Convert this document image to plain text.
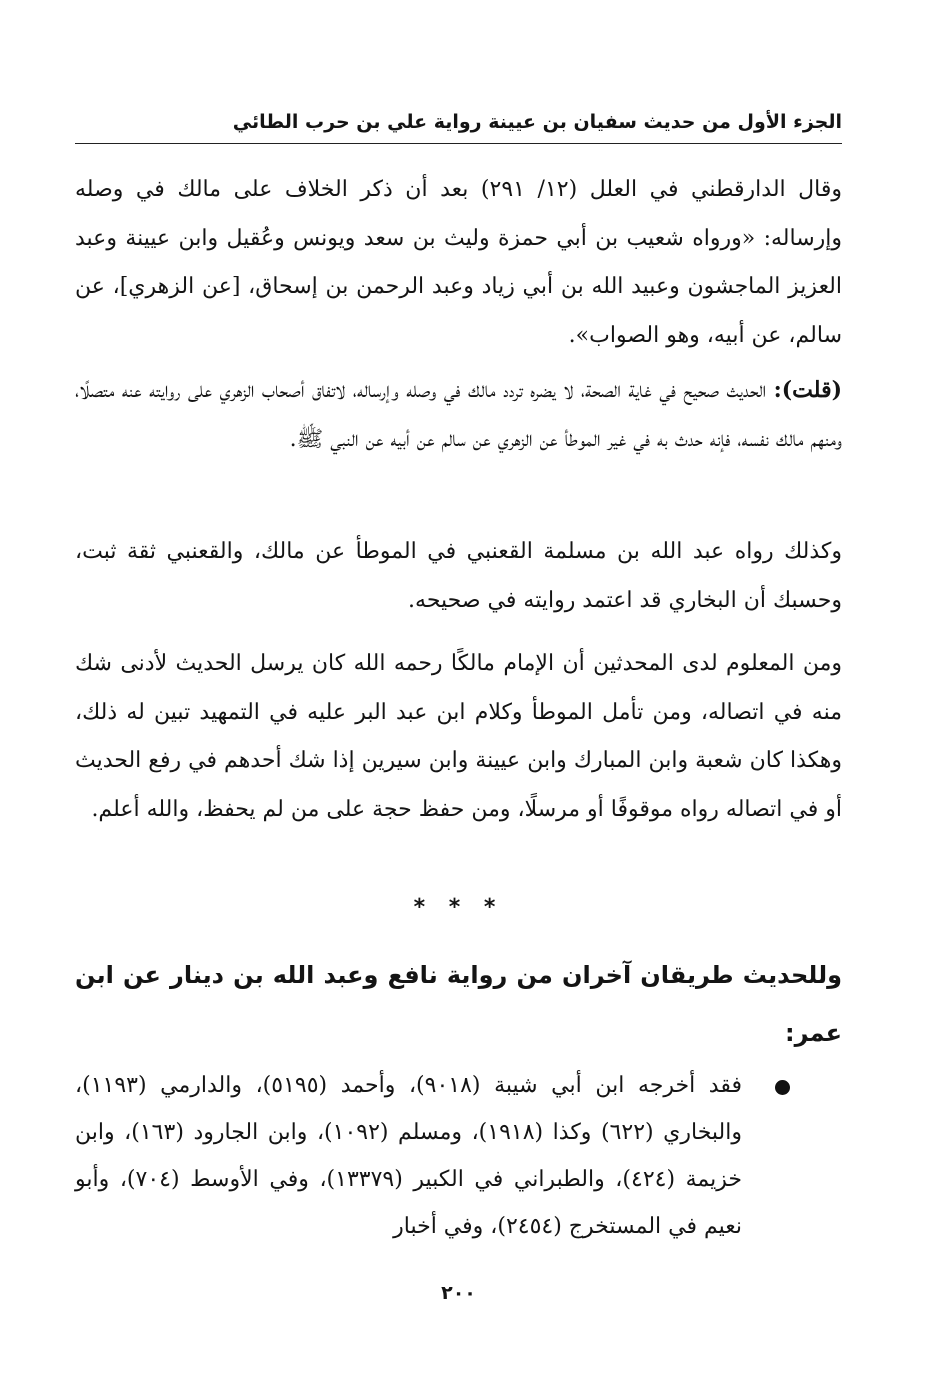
الجزء الأول من حديث سفيان بن عيينة رواية علي بن حرب الطائي

وقال الدارقطني في العلل (١٢/ ٢٩١) بعد أن ذكر الخلاف على مالك في وصله وإرساله: «ورواه شعيب بن أبي حمزة وليث بن سعد ويونس وعُقيل وابن عيينة وعبد العزيز الماجشون وعبيد الله بن أبي زياد وعبد الرحمن بن إسحاق، [عن الزهري]، عن سالم، عن أبيه، وهو الصواب».

(قلت): الحديث صحيح في غاية الصحة، لا يضره تردد مالك في وصله وإرساله، لاتفاق أصحاب الزهري على روايته عنه متصلًا، ومنهم مالك نفسه، فإنه حدث به في غير الموطأ عن الزهري عن سالم عن أبيه عن النبي ﷺ.

وكذلك رواه عبد الله بن مسلمة القعنبي في الموطأ عن مالك، والقعنبي ثقة ثبت، وحسبك أن البخاري قد اعتمد روايته في صحيحه.

ومن المعلوم لدى المحدثين أن الإمام مالكًا رحمه الله كان يرسل الحديث لأدنى شك منه في اتصاله، ومن تأمل الموطأ وكلام ابن عبد البر عليه في التمهيد تبين له ذلك، وهكذا كان شعبة وابن المبارك وابن عيينة وابن سيرين إذا شك أحدهم في رفع الحديث أو في اتصاله رواه موقوفًا أو مرسلًا، ومن حفظ حجة على من لم يحفظ، والله أعلم.

* * *
وللحديث طريقان آخران من رواية نافع وعبد الله بن دينار عن ابن عمر:
فقد أخرجه ابن أبي شيبة (٩٠١٨)، وأحمد (٥١٩٥)، والدارمي (١١٩٣)، والبخاري (٦٢٢) وكذا (١٩١٨)، ومسلم (١٠٩٢)، وابن الجارود (١٦٣)، وابن خزيمة (٤٢٤)، والطبراني في الكبير (١٣٣٧٩)، وفي الأوسط (٧٠٤)، وأبو نعيم في المستخرج (٢٤٥٤)، وفي أخبار
٢٠٠
